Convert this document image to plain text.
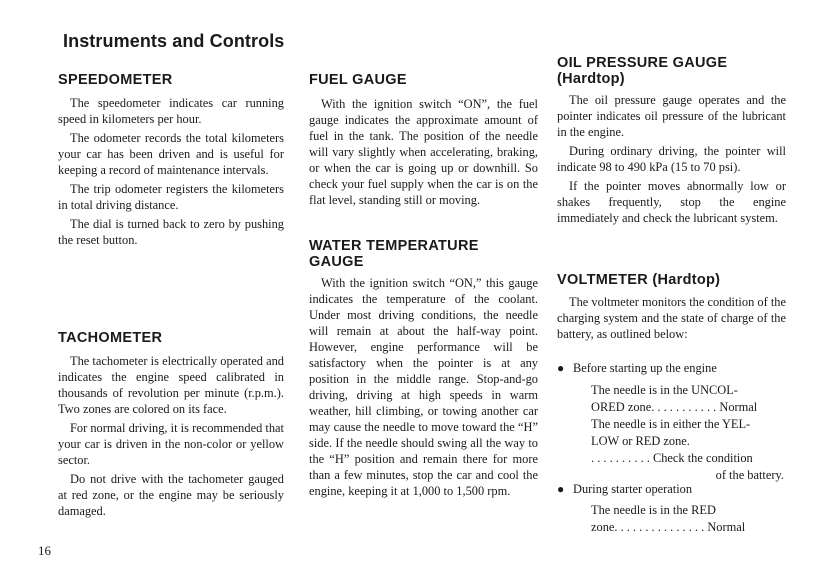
Instruments and Controls
SPEEDOMETER

The speedometer indicates car running speed in kilometers per hour.

The odometer records the total kilometers your car has been driven and is useful for keeping a record of maintenance intervals.

The trip odometer registers the kilometers in total driving distance.

The dial is turned back to zero by pushing the reset button.

TACHOMETER

The tachometer is electrically operated and indicates the engine speed calibrated in thousands of revolution per minute (r.p.m.). Two zones are colored on its face.

For normal driving, it is recommended that your car is driven in the non-color or yellow sector.

Do not drive with the tachometer gauged at red zone, or the engine may be seriously damaged.

FUEL GAUGE

With the ignition switch “ON”, the fuel gauge indicates the approximate amount of fuel in the tank. The position of the needle will vary slightly when accelerating, braking, or when the car is going up or downhill. So check your fuel supply when the car is on the flat level, standing still or moving.

WATER TEMPERATURE
GAUGE

With the ignition switch “ON,” this gauge indicates the temperature of the coolant. Under most driving conditions, the needle will remain at about the half-way point. However, engine performance will be satisfactory when the pointer is at any position in the middle range. Stop-and-go driving, driving at high speeds in warm weather, hill climbing, or towing another car may cause the needle to move toward the “H” side. If the needle should swing all the way to the “H” position and remain there for more than a few minutes, stop the car and cool the engine, keeping it at 1,000 to 1,500 rpm.

OIL PRESSURE GAUGE
(Hardtop)

The oil pressure gauge operates and the pointer indicates oil pressure of the lubricant in the engine.

During ordinary driving, the pointer will indicate 98 to 490 kPa (15 to 70 psi).

If the pointer moves abnormally low or shakes frequently, stop the engine immediately and check the lubricant system.

VOLTMETER (Hardtop)

The voltmeter monitors the condition of the charging system and the state of charge of the battery, as outlined below:

● Before starting up the engine
The needle is in the UNCOL-
ORED zone. . . . . . . . . . . Normal
The needle is in either the YEL-
LOW or RED zone.
. . . . . . . . . . Check the condition
of the battery.
● During starter operation
The needle is in the RED
zone. . . . . . . . . . . . . . . Normal
16
